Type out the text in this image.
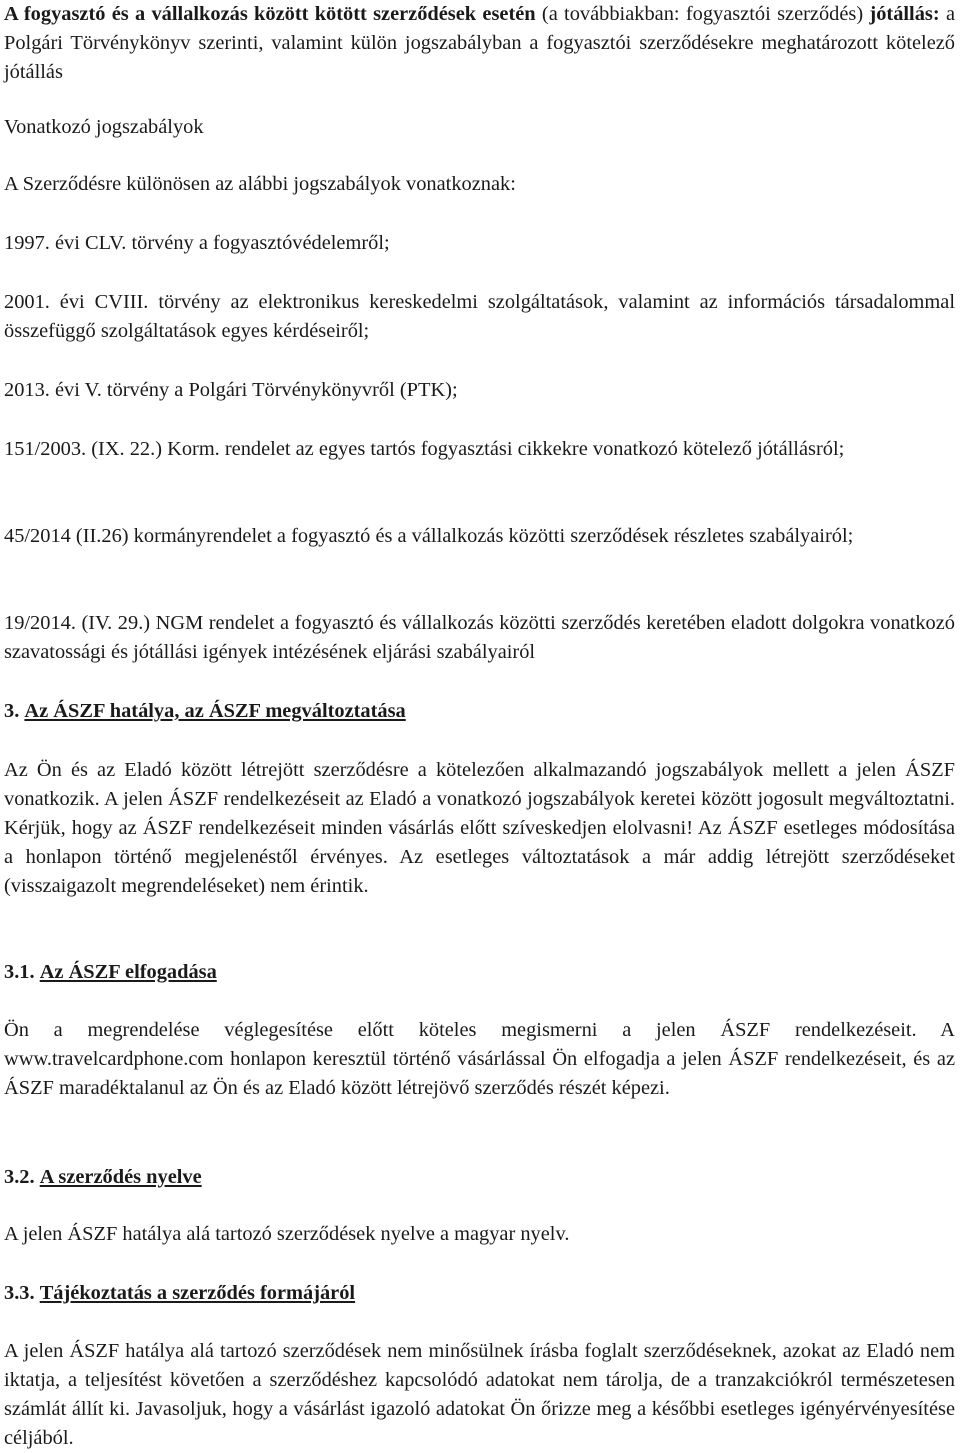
A fogyasztó és a vállalkozás között kötött szerződések esetén (a továbbiakban: fogyasztói szerződés) jótállás: a Polgári Törvénykönyv szerinti, valamint külön jogszabályban a fogyasztói szerződésekre meghatározott kötelező jótállás

Vonatkozó jogszabályok

A Szerződésre különösen az alábbi jogszabályok vonatkoznak:

1997. évi CLV. törvény a fogyasztóvédelemről;

2001. évi CVIII. törvény az elektronikus kereskedelmi szolgáltatások, valamint az információs társadalommal összefüggő szolgáltatások egyes kérdéseiről;

2013. évi V. törvény a Polgári Törvénykönyvről (PTK);

151/2003. (IX. 22.) Korm. rendelet az egyes tartós fogyasztási cikkekre vonatkozó kötelező jótállásról;

45/2014 (II.26) kormányrendelet a fogyasztó és a vállalkozás közötti szerződések részletes szabályairól;

19/2014. (IV. 29.) NGM rendelet a fogyasztó és vállalkozás közötti szerződés keretében eladott dolgokra vonatkozó szavatossági és jótállási igények intézésének eljárási szabályairól

3. Az ÁSZF hatálya, az ÁSZF megváltoztatása

Az Ön és az Eladó között létrejött szerződésre a kötelezően alkalmazandó jogszabályok mellett a jelen ÁSZF vonatkozik. A jelen ÁSZF rendelkezéseit az Eladó a vonatkozó jogszabályok keretei között jogosult megváltoztatni. Kérjük, hogy az ÁSZF rendelkezéseit minden vásárlás előtt szíveskedjen elolvasni! Az ÁSZF esetleges módosítása a honlapon történő megjelenéstől érvényes. Az esetleges változtatások a már addig létrejött szerződéseket (visszaigazolt megrendeléseket) nem érintik.

3.1. Az ÁSZF elfogadása

Ön a megrendelése véglegesítése előtt köteles megismerni a jelen ÁSZF rendelkezéseit. A www.travelcardphone.com honlapon keresztül történő vásárlással Ön elfogadja a jelen ÁSZF rendelkezéseit, és az ÁSZF maradéktalanul az Ön és az Eladó között létrejövő szerződés részét képezi.

3.2. A szerződés nyelve

A jelen ÁSZF hatálya alá tartozó szerződések nyelve a magyar nyelv.

3.3. Tájékoztatás a szerződés formájáról

A jelen ÁSZF hatálya alá tartozó szerződések nem minősülnek írásba foglalt szerződéseknek, azokat az Eladó nem iktatja, a teljesítést követően a szerződéshez kapcsolódó adatokat nem tárolja, de a tranzakciókról természetesen számlát állít ki. Javasoljuk, hogy a vásárlást igazoló adatokat Ön őrizze meg a későbbi esetleges igényérvényesítése céljából.
